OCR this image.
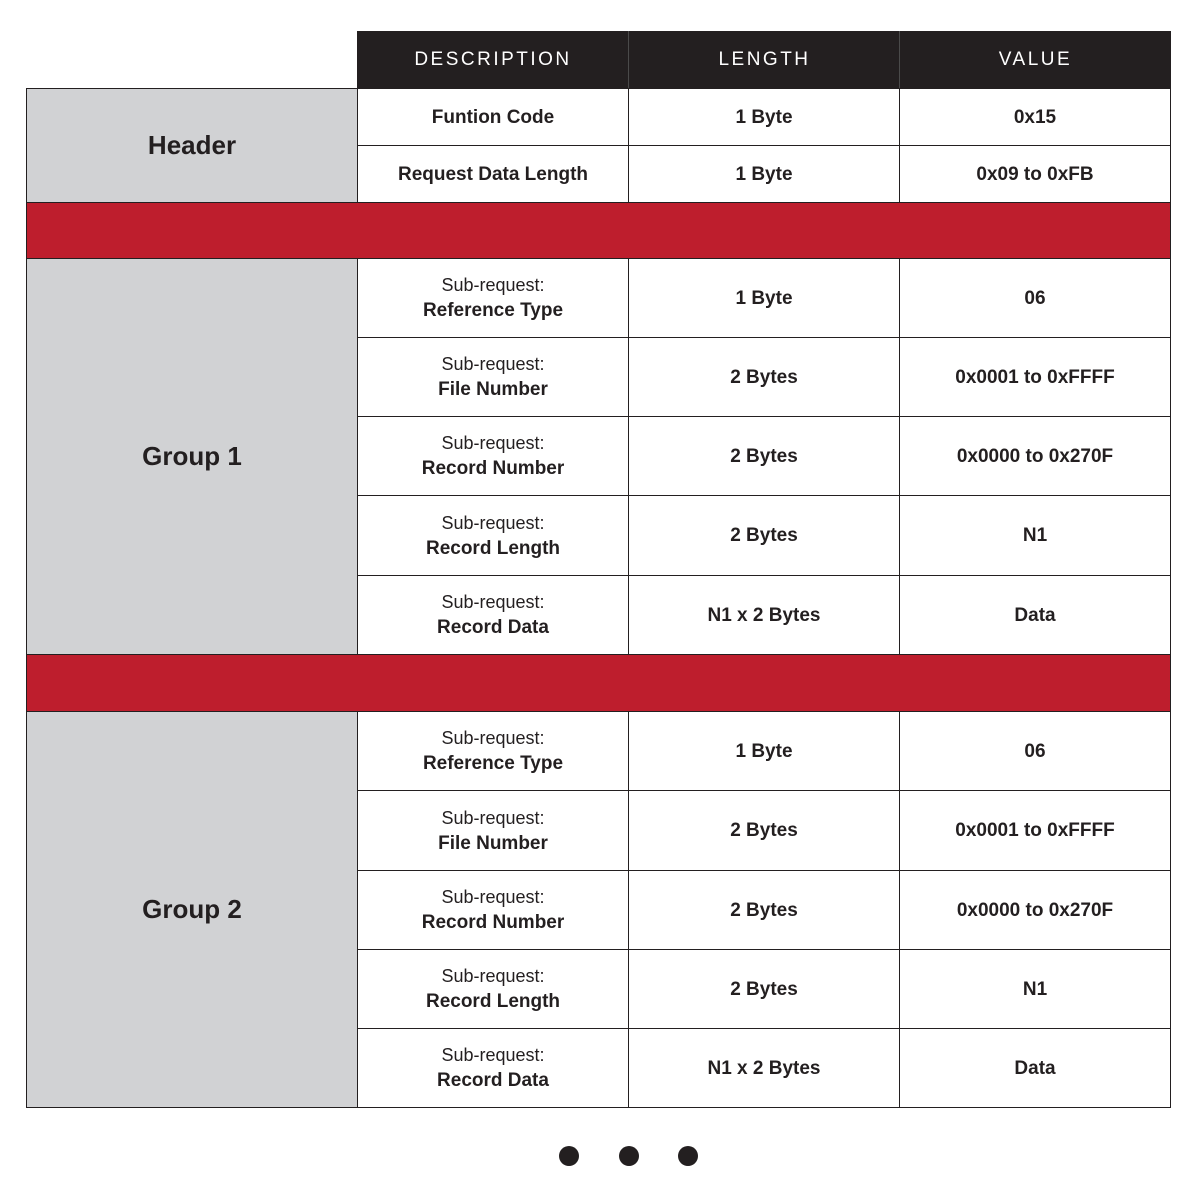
DESCRIPTION	LENGTH	VALUE
Header
Funtion Code	1 Byte	0x15
Request Data Length	1 Byte	0x09 to 0xFB
Group 1
Sub-request:
Reference Type
1 Byte	06
Sub-request:
File Number
2 Bytes	0x0001 to 0xFFFF
Sub-request:
Record Number
2 Bytes	0x0000 to 0x270F
Sub-request:
Record Length
2 Bytes	N1
Sub-request:
Record Data
N1 x 2 Bytes	Data
Group 2
Sub-request:
Reference Type
1 Byte	06
Sub-request:
File Number
2 Bytes	0x0001 to 0xFFFF
Sub-request:
Record Number
2 Bytes	0x0000 to 0x270F
Sub-request:
Record Length
2 Bytes	N1
Sub-request:
Record Data
N1 x 2 Bytes	Data
